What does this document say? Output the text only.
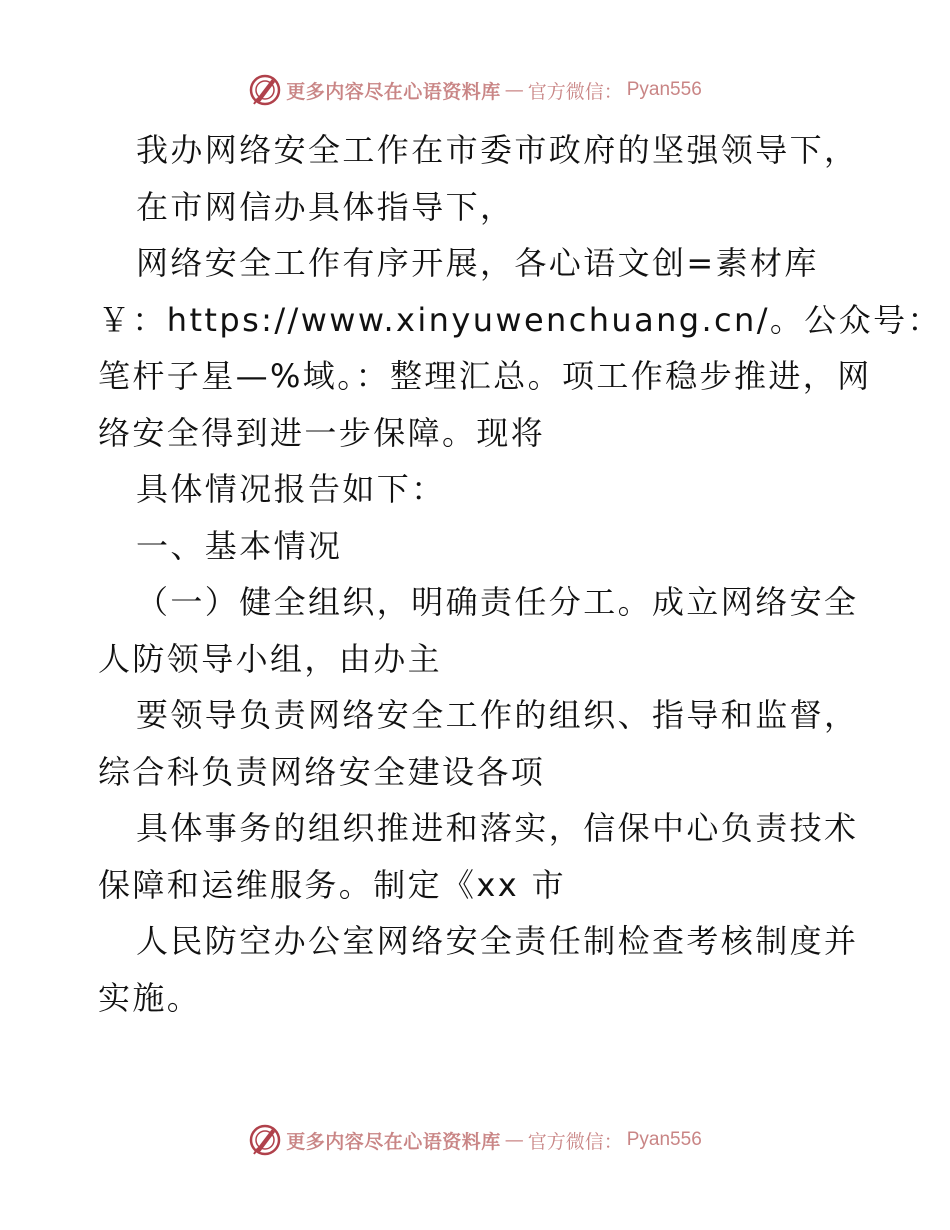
更多内容尽在心语资料库 — 官方微信： Pyan556

我办网络安全工作在市委市政府的坚强领导下，
在市网信办具体指导下，

网络安全工作有序开展，各心语文创=素材库
￥：https://www.xinyuwenchuang.cn/。公众号：
笔杆子星—%域。：整理汇总。项工作稳步推进，网
络安全得到进一步保障。现将

具体情况报告如下：

一、基本情况

（一）健全组织，明确责任分工。成立网络安全
人防领导小组，由办主

要领导负责网络安全工作的组织、指导和监督，
综合科负责网络安全建设各项

具体事务的组织推进和落实，信保中心负责技术
保障和运维服务。制定《xx 市

人民防空办公室网络安全责任制检查考核制度并
实施。

更多内容尽在心语资料库 — 官方微信： Pyan556
